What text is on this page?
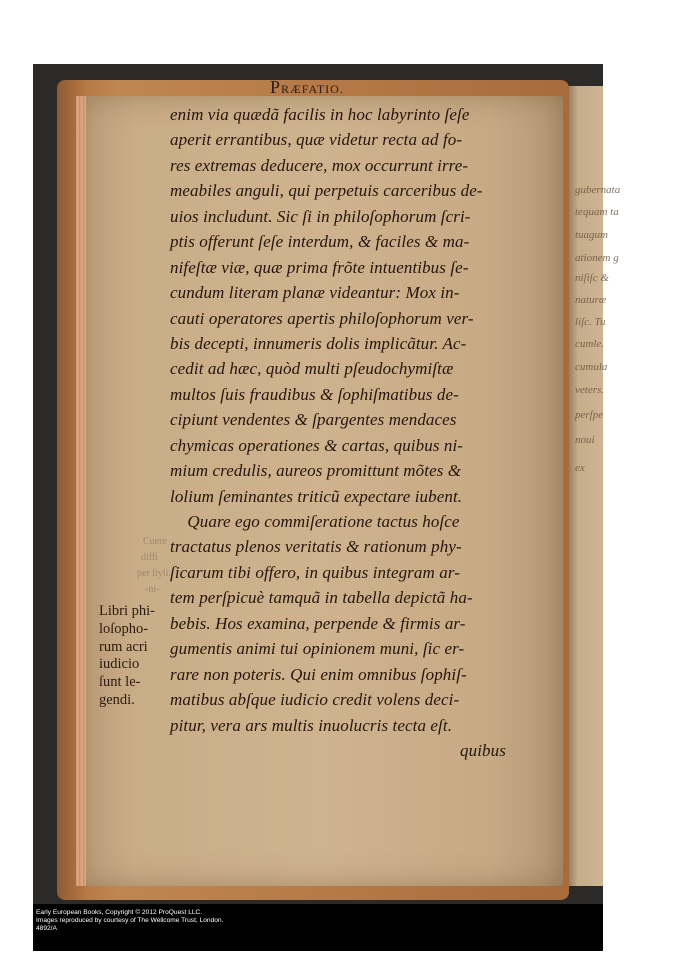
gubernata
tequam ta
tuagum
ationem g
niſiſc &
naturæ
liſc. Tu
cumle.
cumula
veters.
perſpe
noui
ex
Cuere
diffi
per ſtyli.
-ni-
PRÆFATIO.
enim via quædã facilis in hoc labyrinto ſeſe
aperit errantibus, quæ videtur recta ad fo-
res extremas deducere, mox occurrunt irre-
meabiles anguli, qui perpetuis carceribus de-
uios includunt. Sic ſi in philoſophorum ſcri-
ptis offerunt ſeſe interdum, & faciles & ma-
nifeſtæ viæ, quæ prima frõte intuentibus ſe-
cundum literam planæ videantur: Mox in-
cauti operatores apertis philoſophorum ver-
bis decepti, innumeris dolis implicãtur. Ac-
cedit ad hæc, quòd multi pſeudochymiſtæ
multos ſuis fraudibus & ſophiſmatibus de-
cipiunt vendentes & ſpargentes mendaces
chymicas operationes & cartas, quibus ni-
mium credulis, aureos promittunt mõtes &
lolium ſeminantes triticũ expectare iubent.
Quare ego commiſeratione tactus hoſce
tractatus plenos veritatis & rationum phy-
ſicarum tibi offero, in quibus integram ar-
tem perſpicuè tamquã in tabella depictã ha-
bebis. Hos examina, perpende & firmis ar-
gumentis animi tui opinionem muni, ſic er-
rare non poteris. Qui enim omnibus ſophiſ-
matibus abſque iudicio credit volens deci-
pitur, vera ars multis inuolucris tecta eſt.
quibus
Libri phi-
loſopho-
rum acri
iudicio
ſunt le-
gendi.
Early European Books, Copyright © 2012 ProQuest LLC.
Images reproduced by courtesy of The Wellcome Trust, London.
4892/A
